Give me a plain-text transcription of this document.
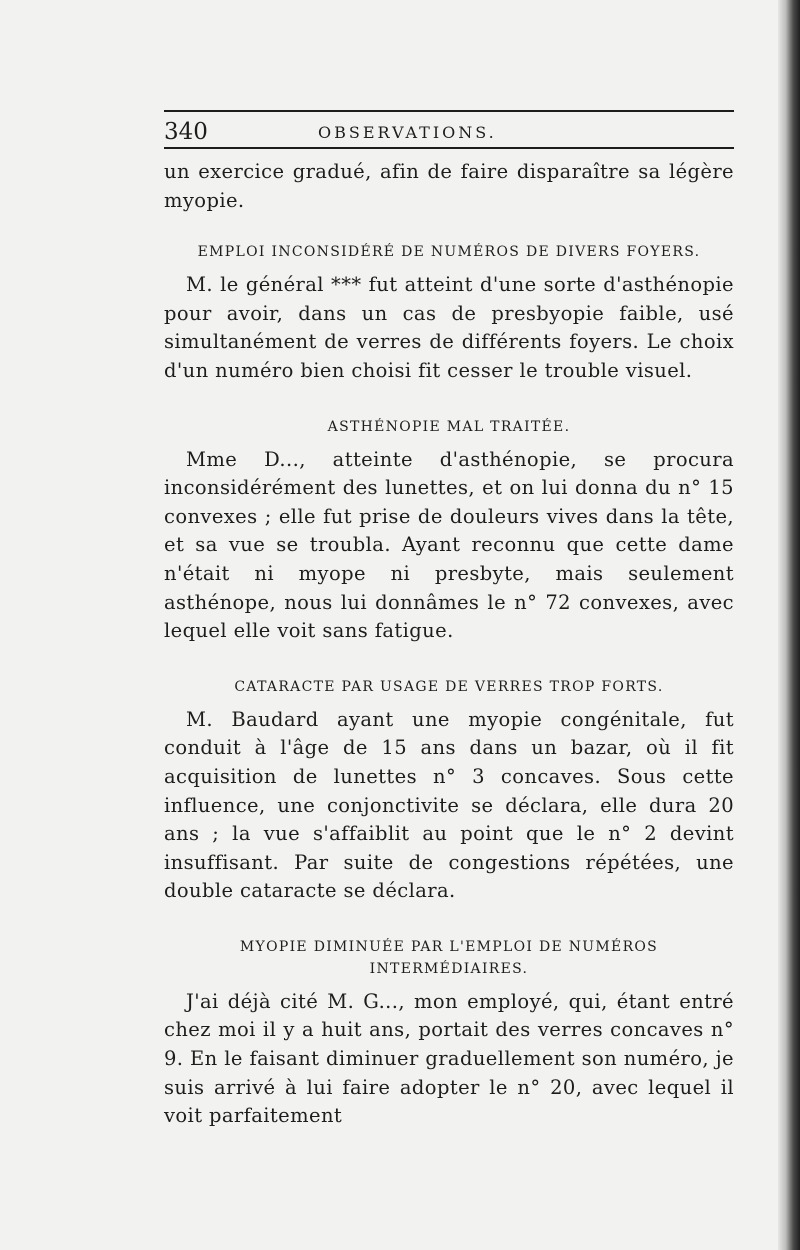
340	OBSERVATIONS.

un exercice gradué, afin de faire disparaître sa légère myopie.

EMPLOI INCONSIDÉRÉ DE NUMÉROS DE DIVERS FOYERS.

M. le général *** fut atteint d'une sorte d'asthénopie pour avoir, dans un cas de presbyopie faible, usé simultanément de verres de différents foyers. Le choix d'un numéro bien choisi fit cesser le trouble visuel.

ASTHÉNOPIE MAL TRAITÉE.

Mme D..., atteinte d'asthénopie, se procura inconsidérément des lunettes, et on lui donna du n° 15 convexes ; elle fut prise de douleurs vives dans la tête, et sa vue se troubla. Ayant reconnu que cette dame n'était ni myope ni presbyte, mais seulement asthénope, nous lui donnâmes le n° 72 convexes, avec lequel elle voit sans fatigue.

CATARACTE PAR USAGE DE VERRES TROP FORTS.

M. Baudard ayant une myopie congénitale, fut conduit à l'âge de 15 ans dans un bazar, où il fit acquisition de lunettes n° 3 concaves. Sous cette influence, une conjonctivite se déclara, elle dura 20 ans ; la vue s'affaiblit au point que le n° 2 devint insuffisant. Par suite de congestions répétées, une double cataracte se déclara.

MYOPIE DIMINUÉE PAR L'EMPLOI DE NUMÉROS
INTERMÉDIAIRES.

J'ai déjà cité M. G..., mon employé, qui, étant entré chez moi il y a huit ans, portait des verres concaves n° 9. En le faisant diminuer graduellement son numéro, je suis arrivé à lui faire adopter le n° 20, avec lequel il voit parfaitement
